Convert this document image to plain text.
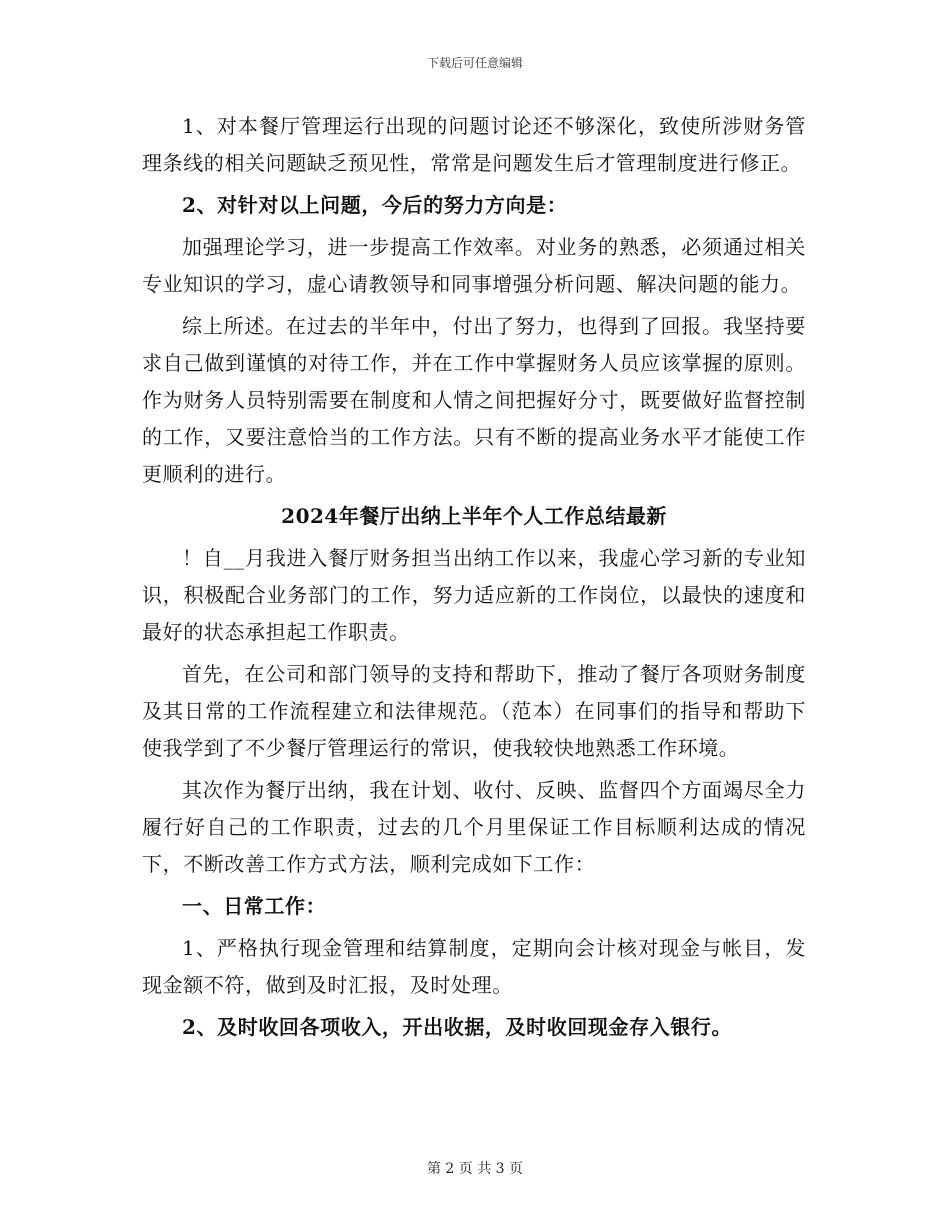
下载后可任意编辑

1、对本餐厅管理运行出现的问题讨论还不够深化，致使所涉财务管理条线的相关问题缺乏预见性，常常是问题发生后才管理制度进行修正。

2、对针对以上问题，今后的努力方向是：

加强理论学习，进一步提高工作效率。对业务的熟悉，必须通过相关专业知识的学习，虚心请教领导和同事增强分析问题、解决问题的能力。

综上所述。在过去的半年中，付出了努力，也得到了回报。我坚持要求自己做到谨慎的对待工作，并在工作中掌握财务人员应该掌握的原则。作为财务人员特别需要在制度和人情之间把握好分寸，既要做好监督控制的工作，又要注意恰当的工作方法。只有不断的提高业务水平才能使工作更顺利的进行。

2024年餐厅出纳上半年个人工作总结最新

！自__月我进入餐厅财务担当出纳工作以来，我虚心学习新的专业知识，积极配合业务部门的工作，努力适应新的工作岗位，以最快的速度和最好的状态承担起工作职责。

首先，在公司和部门领导的支持和帮助下，推动了餐厅各项财务制度及其日常的工作流程建立和法律规范。（范本）在同事们的指导和帮助下使我学到了不少餐厅管理运行的常识，使我较快地熟悉工作环境。

其次作为餐厅出纳，我在计划、收付、反映、监督四个方面竭尽全力履行好自己的工作职责，过去的几个月里保证工作目标顺利达成的情况下，不断改善工作方式方法，顺利完成如下工作：

一、日常工作：

1、严格执行现金管理和结算制度，定期向会计核对现金与帐目，发现金额不符，做到及时汇报，及时处理。

2、及时收回各项收入，开出收据，及时收回现金存入银行。

第 2 页 共 3 页
